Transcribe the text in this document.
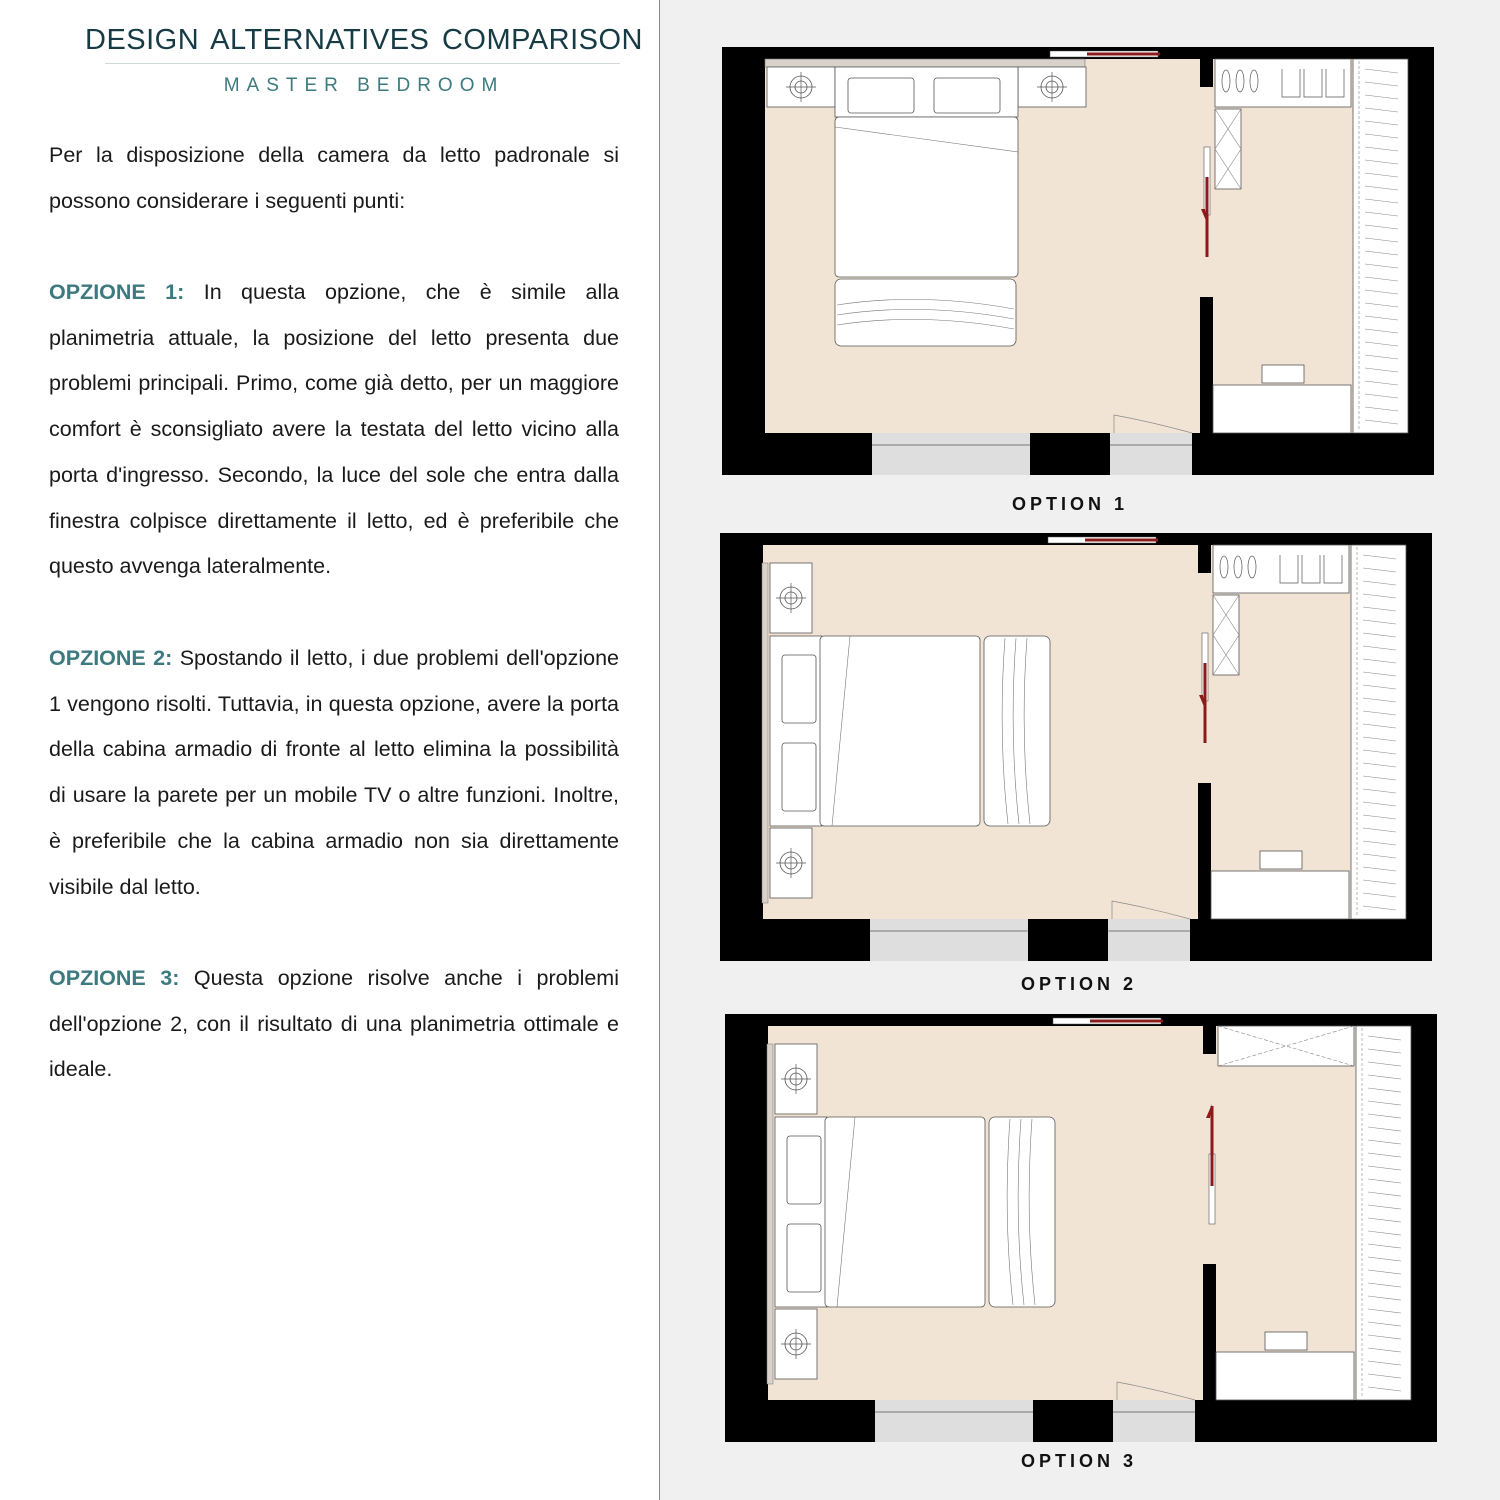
DESIGN ALTERNATIVES COMPARISON
MASTER BEDROOM
Per la disposizione della camera da letto padronale si possono considerare i seguenti punti:
OPZIONE 1: In questa opzione, che è simile alla planimetria attuale, la posizione del letto presenta due problemi principali. Primo, come già detto, per un maggiore comfort è sconsigliato avere la testata del letto vicino alla porta d'ingresso. Secondo, la luce del sole che entra dalla finestra colpisce direttamente il letto, ed è preferibile che questo avvenga lateralmente.
OPZIONE 2: Spostando il letto, i due problemi dell'opzione 1 vengono risolti. Tuttavia, in questa opzione, avere la porta della cabina armadio di fronte al letto elimina la possibilità di usare la parete per un mobile TV o altre funzioni. Inoltre, è preferibile che la cabina armadio non sia direttamente visibile dal letto.
OPZIONE 3: Questa opzione risolve anche i problemi dell'opzione 2, con il risultato di una planimetria ottimale e ideale.
OPTION 1
OPTION 2
OPTION 3
